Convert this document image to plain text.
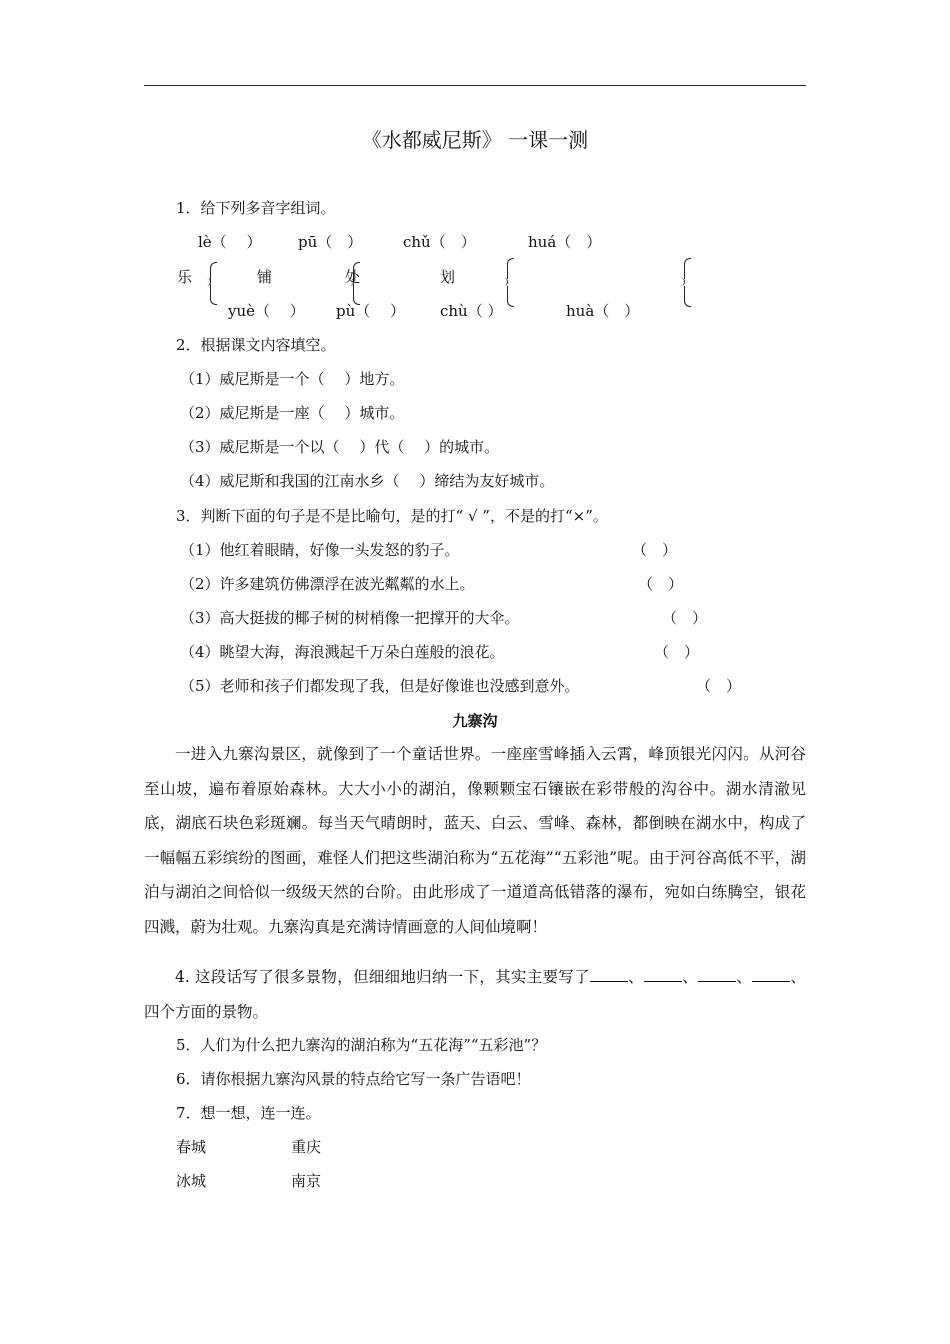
《水都威尼斯》 一课一测
1．给下列多音字组词。
lè（　 ） pū（　）	chǔ（　）	huá（　）
乐	铺	处	划
yuè（　 ） pù（　 ） chù（ ）	huà（　）
2．根据课文内容填空。
（1）威尼斯是一个（　 ）地方。
（2）威尼斯是一座（　 ）城市。
（3）威尼斯是一个以（　 ）代（　 ）的城市。
（4）威尼斯和我国的江南水乡（　 ）缔结为友好城市。
3．判断下面的句子是不是比喻句，是的打“ √ ”，不是的打“×”。
（1）他红着眼睛，好像一头发怒的豹子。	（　）
（2）许多建筑仿佛漂浮在波光粼粼的水上。	（　）
（3）高大挺拔的椰子树的树梢像一把撑开的大伞。	（　）
（4）眺望大海，海浪溅起千万朵白莲般的浪花。	（　）
（5）老师和孩子们都发现了我，但是好像谁也没感到意外。	（　）
九寨沟

一进入九寨沟景区，就像到了一个童话世界。一座座雪峰插入云霄，峰顶银光闪闪。从河谷至山坡，遍布着原始森林。大大小小的湖泊，像颗颗宝石镶嵌在彩带般的沟谷中。湖水清澈见底，湖底石块色彩斑斓。每当天气晴朗时，蓝天、白云、雪峰、森林，都倒映在湖水中，构成了一幅幅五彩缤纷的图画，难怪人们把这些湖泊称为“五花海”“五彩池”呢。由于河谷高低不平，湖泊与湖泊之间恰似一级级天然的台阶。由此形成了一道道高低错落的瀑布，宛如白练腾空，银花四溅，蔚为壮观。九寨沟真是充满诗情画意的人间仙境啊！

4. 这段话写了很多景物，但细细地归纳一下，其实主要写了 、 、 、 、四个方面的景物。

5．人们为什么把九寨沟的湖泊称为“五花海”“五彩池”？
6．请你根据九寨沟风景的特点给它写一条广告语吧！
7．想一想，连一连。
春城	重庆
冰城	南京
